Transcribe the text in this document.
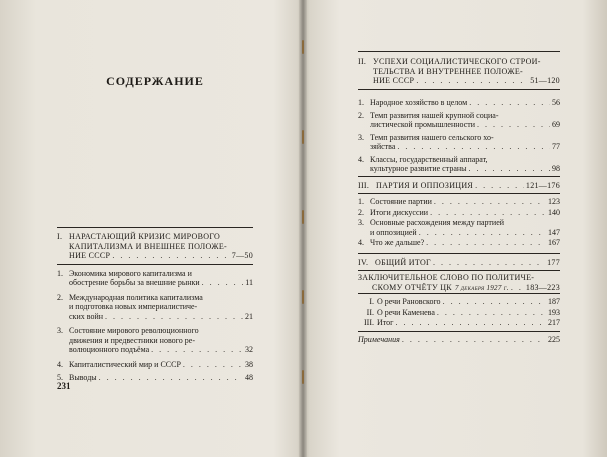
СОДЕРЖАНИЕ
I. НАРАСТАЮЩИЙ КРИЗИС МИРОВОГО
КАПИТАЛИЗМА И ВНЕШНЕЕ ПОЛОЖЕ-
НИЕ СССР . . .	7—50
1. Экономика мирового капитализма и
обострение борьбы за внешние рынки . . .	11
2. Международная политика капитализма
и подготовка новых империалистиче-
ских войн . . .	21
3. Состояние мирового революционного
движения и предвестники нового ре-
волюционного подъёма . . .	32
4. Капиталистический мир и СССР . . .	38
5. Выводы . . .	48
231
II. УСПЕХИ СОЦИАЛИСТИЧЕСКОГО СТРОИ-
ТЕЛЬСТВА И ВНУТРЕННЕЕ ПОЛОЖЕ-
НИЕ СССР . . .	51—120
1. Народное хозяйство в целом . . .	56
2. Темп развития нашей крупной социа-
листической промышленности . . .	69
3. Темп развития нашего сельского хо-
зяйства . . .	77
4. Классы, государственный аппарат,
культурное развитие страны . . .	98
III. ПАРТИЯ И ОППОЗИЦИЯ . . .	121—176
1. Состояние партии . . .	123
2. Итоги дискуссии . . .	140
3. Основные расхождения между партией
и оппозицией . . .	147
4. Что же дальше? . . .	167
IV. ОБЩИЙ ИТОГ . . .	177
ЗАКЛЮЧИТЕЛЬНОЕ СЛОВО ПО ПОЛИТИЧЕ-
СКОМУ ОТЧЁТУ ЦК 7 декабря 1927 г. . . . 183—223
I. О речи Рановского . . .	187
II. О речи Каменева . . .	193
III. Итог . . .	217
Примечания . . .	225
